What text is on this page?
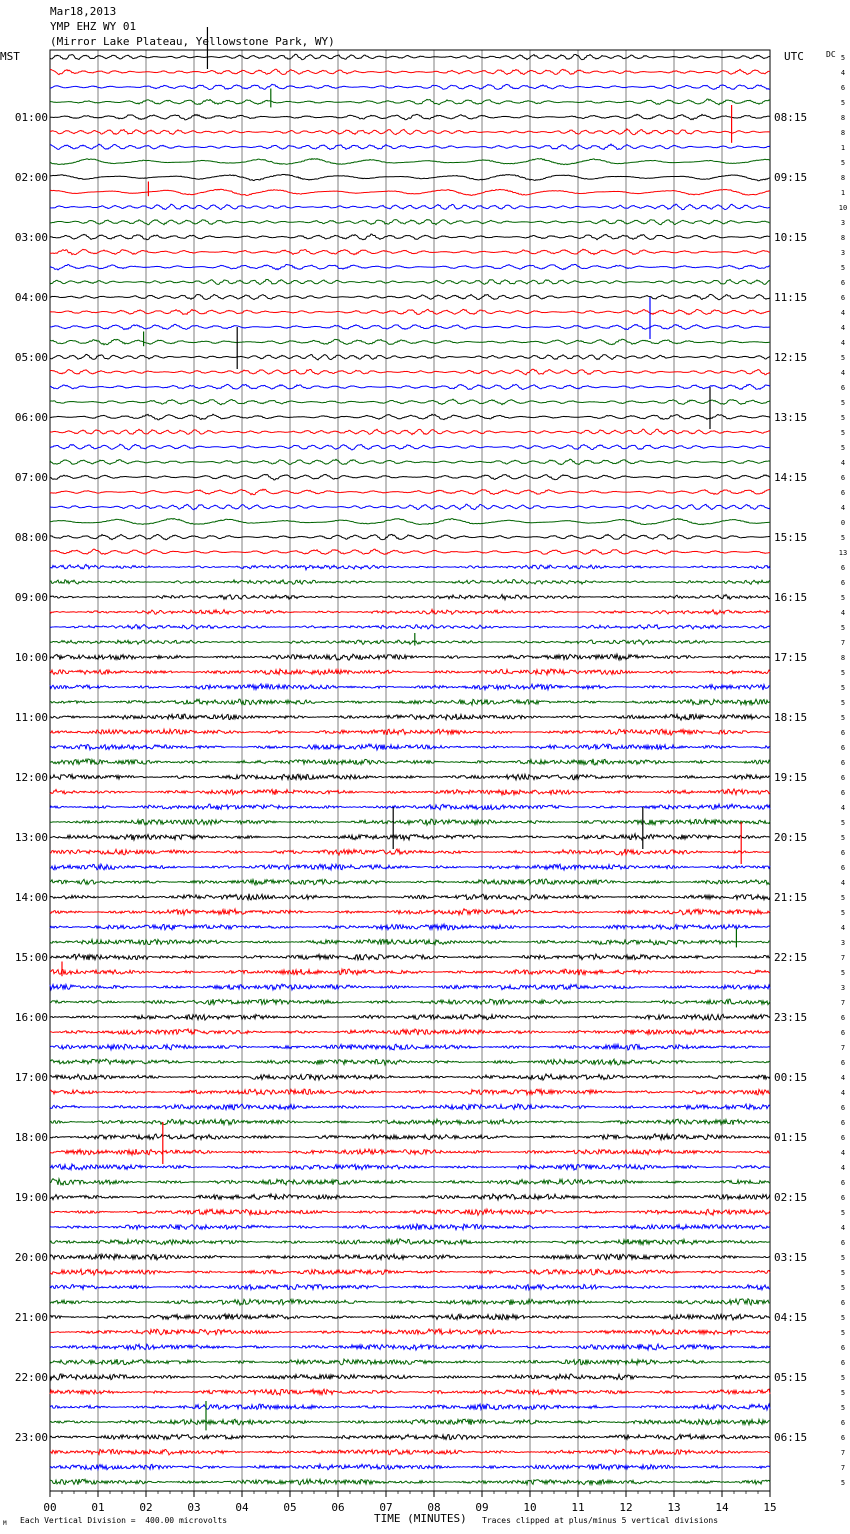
Mar18,2013
YMP EHZ WY 01
(Mirror Lake Plateau, Yellowstone Park, WY)
MST	UTC	DC
00	01	02	03	04	05	06	07	08	09	10	11	12	13	14	15
5
4
6
5
8
01:00	08:15
8
1
5
8
02:00	09:15
1
10
3
8
03:00	10:15
3
5
6
6
04:00	11:15
4
4
4
5
05:00	12:15
4
6
5
5
06:00	13:15
5
5
4
6
07:00	14:15
6
4
0
5
08:00	15:15
13
6
6
5
09:00	16:15
4
5
7
8
10:00	17:15
5
5
5
5
11:00	18:15
6
6
6
6
12:00	19:15
6
4
5
5
13:00	20:15
6
6
4
5
14:00	21:15
5
4
3
7
15:00	22:15
5
3
7
6
16:00	23:15
6
7
6
4
17:00	00:15
4
6
6
6
18:00	01:15
4
4
6
6
19:00	02:15
5
4
6
5
20:00	03:15
5
5
6
5
21:00	04:15
5
6
6
5
22:00	05:15
5
5
6
6
23:00	06:15
7
7
5
TIME (MINUTES)
Each Vertical Division =  400.00 microvolts	Traces clipped at plus/minus 5 vertical divisions
M
